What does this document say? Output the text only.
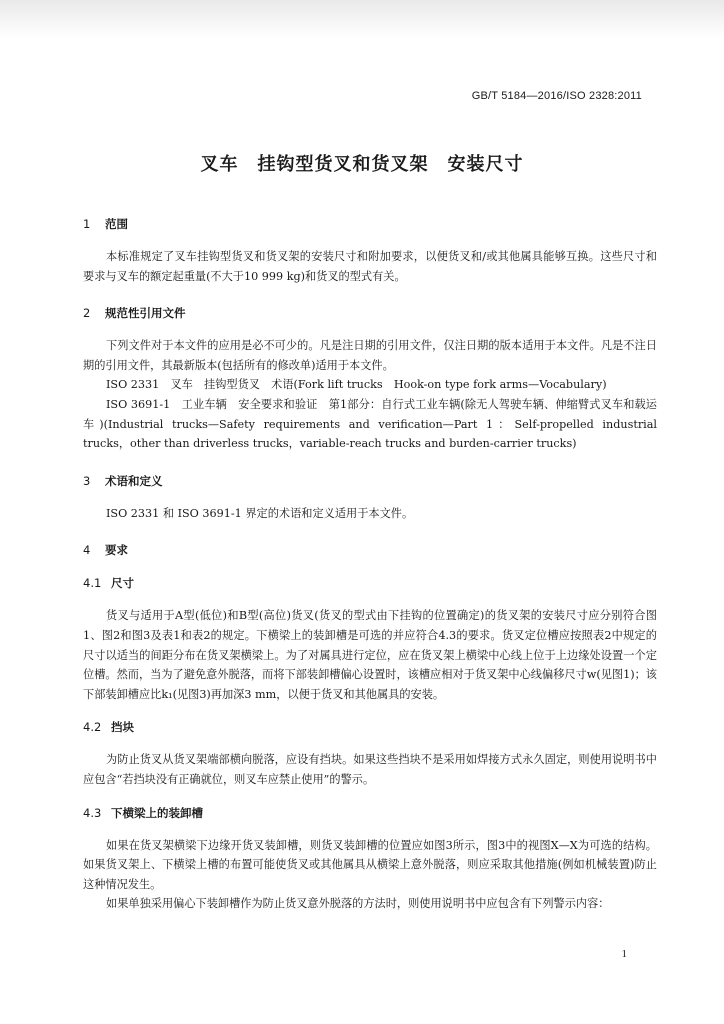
GB/T 5184—2016/ISO 2328:2011
叉车　挂钩型货叉和货叉架　安装尺寸
1 范围

本标准规定了叉车挂钩型货叉和货叉架的安装尺寸和附加要求，以便货叉和/或其他属具能够互换。这些尺寸和要求与叉车的额定起重量(不大于10 999 kg)和货叉的型式有关。

2 规范性引用文件

下列文件对于本文件的应用是必不可少的。凡是注日期的引用文件，仅注日期的版本适用于本文件。凡是不注日期的引用文件，其最新版本(包括所有的修改单)适用于本文件。

ISO 2331　叉车　挂钩型货叉　术语(Fork lift trucks　Hook-on type fork arms—Vocabulary)
ISO 3691-1　工业车辆　安全要求和验证　第1部分：自行式工业车辆(除无人驾驶车辆、伸缩臂式叉车和载运车)(Industrial trucks—Safety requirements and verification—Part 1：Self-propelled industrial trucks，other than driverless trucks，variable-reach trucks and burden-carrier trucks)
3 术语和定义

ISO 2331 和 ISO 3691-1 界定的术语和定义适用于本文件。

4 要求
4.1 尺寸

货叉与适用于A型(低位)和B型(高位)货叉(货叉的型式由下挂钩的位置确定)的货叉架的安装尺寸应分别符合图1、图2和图3及表1和表2的规定。下横梁上的装卸槽是可选的并应符合4.3的要求。货叉定位槽应按照表2中规定的尺寸以适当的间距分布在货叉架横梁上。为了对属具进行定位，应在货叉架上横梁中心线上位于上边缘处设置一个定位槽。然而，当为了避免意外脱落，而将下部装卸槽偏心设置时，该槽应相对于货叉架中心线偏移尺寸w(见图1)；该下部装卸槽应比k₁(见图3)再加深3 mm，以便于货叉和其他属具的安装。

4.2 挡块

为防止货叉从货叉架端部横向脱落，应设有挡块。如果这些挡块不是采用如焊接方式永久固定，则使用说明书中应包含“若挡块没有正确就位，则叉车应禁止使用”的警示。

4.3 下横梁上的装卸槽

如果在货叉架横梁下边缘开货叉装卸槽，则货叉装卸槽的位置应如图3所示，图3中的视图X—X为可选的结构。如果货叉架上、下横梁上槽的布置可能使货叉或其他属具从横梁上意外脱落，则应采取其他措施(例如机械装置)防止这种情况发生。

如果单独采用偏心下装卸槽作为防止货叉意外脱落的方法时，则使用说明书中应包含有下列警示内容：

1
